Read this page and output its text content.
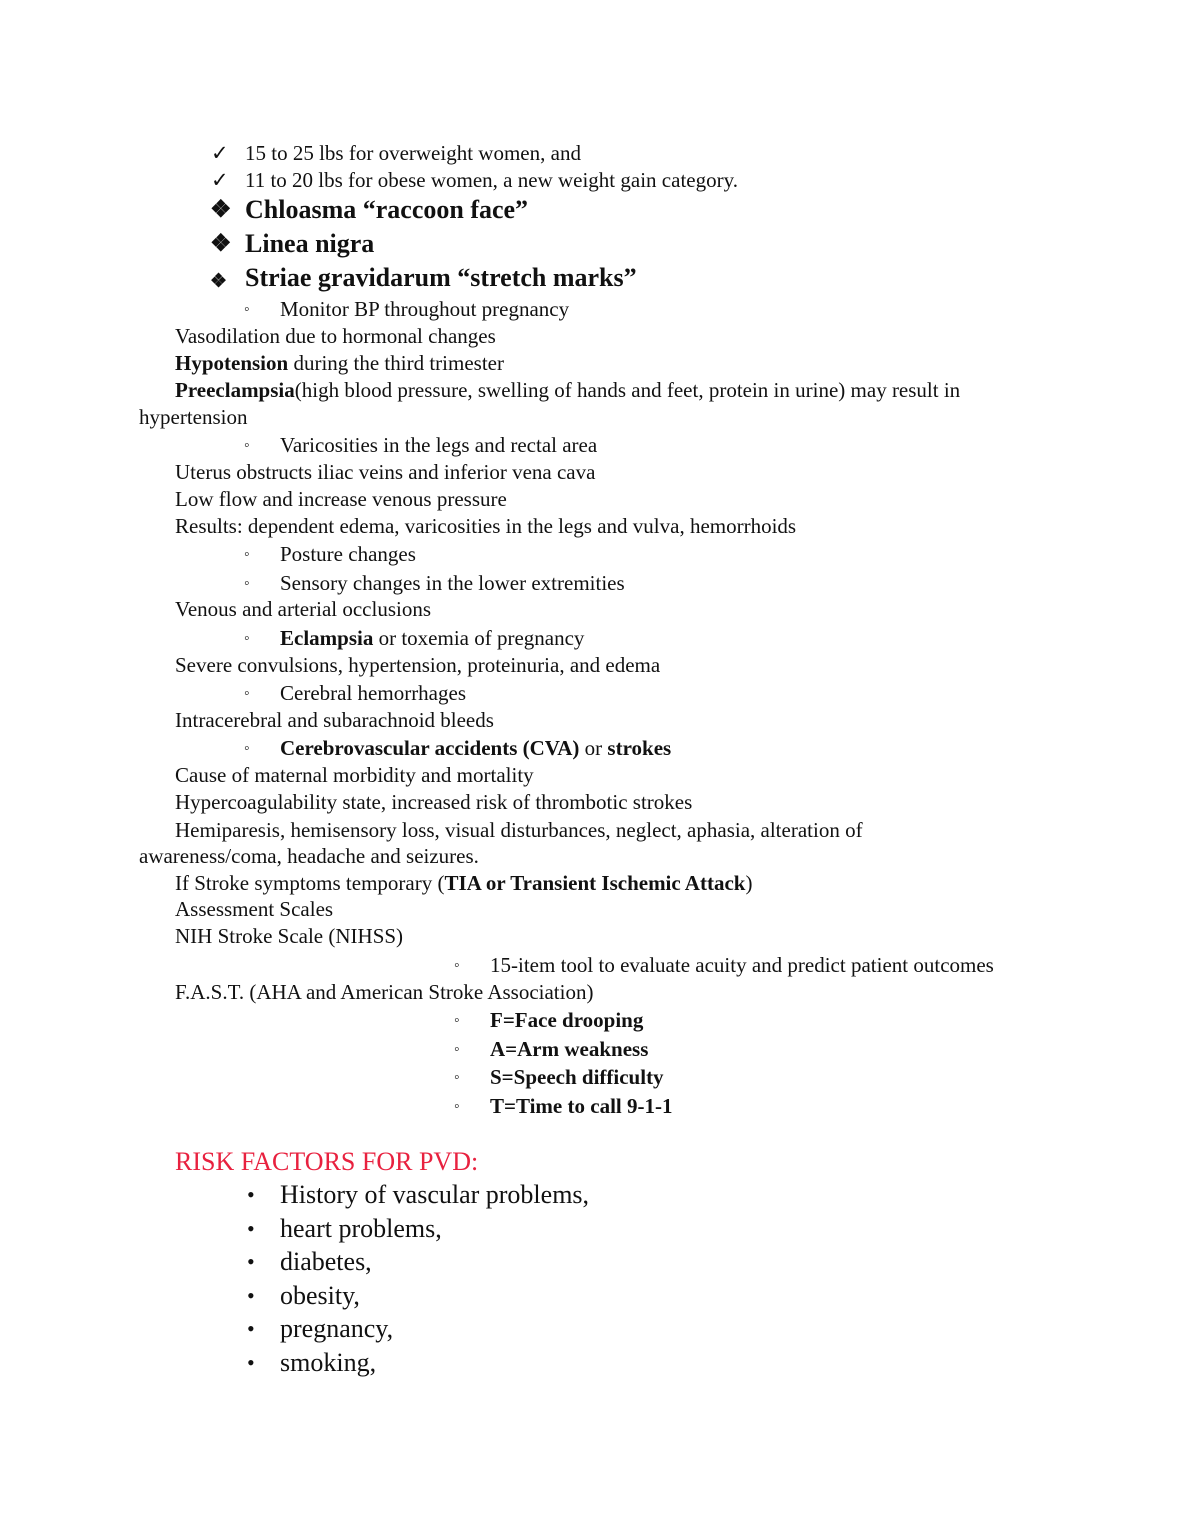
✓ 15 to 25 lbs for overweight women, and
✓ 11 to 20 lbs for obese women, a new weight gain category.
❖ Chloasma “raccoon face”
❖ Linea nigra
❖ Striae gravidarum “stretch marks”
◦ Monitor BP throughout pregnancy
Vasodilation due to hormonal changes
Hypotension during the third trimester
Preeclampsia(high blood pressure, swelling of hands and feet, protein in urine) may result in
hypertension
◦ Varicosities in the legs and rectal area
Uterus obstructs iliac veins and inferior vena cava
Low flow and increase venous pressure
Results: dependent edema, varicosities in the legs and vulva, hemorrhoids
◦ Posture changes
◦ Sensory changes in the lower extremities
Venous and arterial occlusions
◦ Eclampsia or toxemia of pregnancy
Severe convulsions, hypertension, proteinuria, and edema
◦ Cerebral hemorrhages
Intracerebral and subarachnoid bleeds
◦ Cerebrovascular accidents (CVA) or strokes
Cause of maternal morbidity and mortality
Hypercoagulability state, increased risk of thrombotic strokes
Hemiparesis, hemisensory loss, visual disturbances, neglect, aphasia, alteration of
awareness/coma, headache and seizures.
If Stroke symptoms temporary (TIA or Transient Ischemic Attack)
Assessment Scales
NIH Stroke Scale (NIHSS)
◦ 15-item tool to evaluate acuity and predict patient outcomes
F.A.S.T. (AHA and American Stroke Association)
◦ F=Face drooping
◦ A=Arm weakness
◦ S=Speech difficulty
◦ T=Time to call 9-1-1
RISK FACTORS FOR PVD:
• History of vascular problems,
• heart problems,
• diabetes,
• obesity,
• pregnancy,
• smoking,
